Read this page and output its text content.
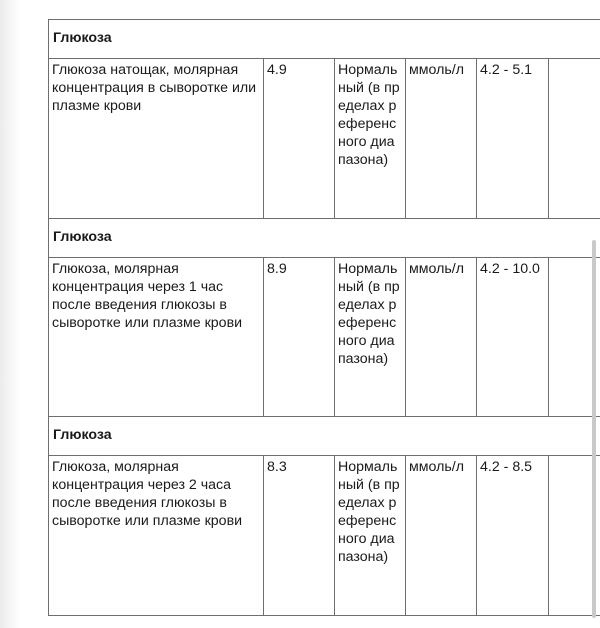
Глюкоза					
Глюкоза натощак, молярная концентрация в сыворотке или плазме крови	4.9	Нормальный (в пределах референсного диапазона)	ммоль/л	4.2 - 5.1	
Глюкоза					
Глюкоза, молярная концентрация через 1 час после введения глюкозы в сыворотке или плазме крови	8.9	Нормальный (в пределах референсного диапазона)	ммоль/л	4.2 - 10.0	
Глюкоза					
Глюкоза, молярная концентрация через 2 часа после введения глюкозы в сыворотке или плазме крови	8.3	Нормальный (в пределах референсного диапазона)	ммоль/л	4.2 - 8.5	
